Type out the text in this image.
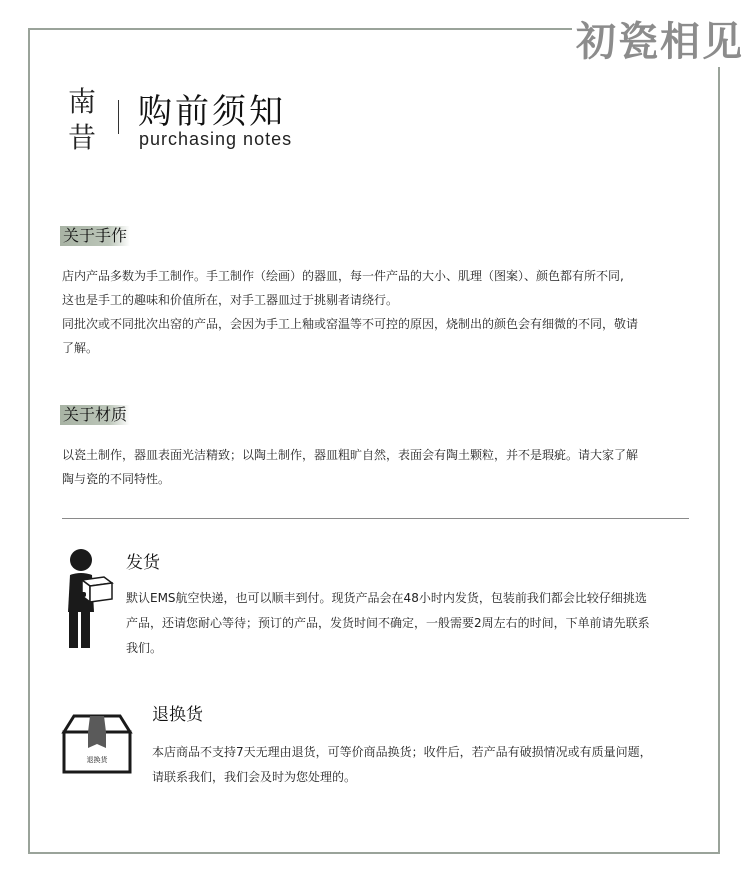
初瓷相见
南
昔
购前须知
purchasing notes
关于手作

店内产品多数为手工制作。手工制作（绘画）的器皿，每一件产品的大小、肌理（图案）、颜色都有所不同,

这也是手工的趣味和价值所在，对手工器皿过于挑剔者请绕行。

同批次或不同批次出窑的产品，会因为手工上釉或窑温等不可控的原因，烧制出的颜色会有细微的不同，敬请

了解。

关于材质

以瓷土制作，器皿表面光洁精致；以陶土制作，器皿粗旷自然，表面会有陶土颗粒，并不是瑕疵。请大家了解

陶与瓷的不同特性。

发货

默认EMS航空快递，也可以顺丰到付。现货产品会在48小时内发货，包装前我们都会比较仔细挑选

产品，还请您耐心等待；预订的产品，发货时间不确定，一般需要2周左右的时间，下单前请先联系

我们。

退换货
退换货

本店商品不支持7天无理由退货，可等价商品换货；收件后，若产品有破损情况或有质量问题，

请联系我们，我们会及时为您处理的。
